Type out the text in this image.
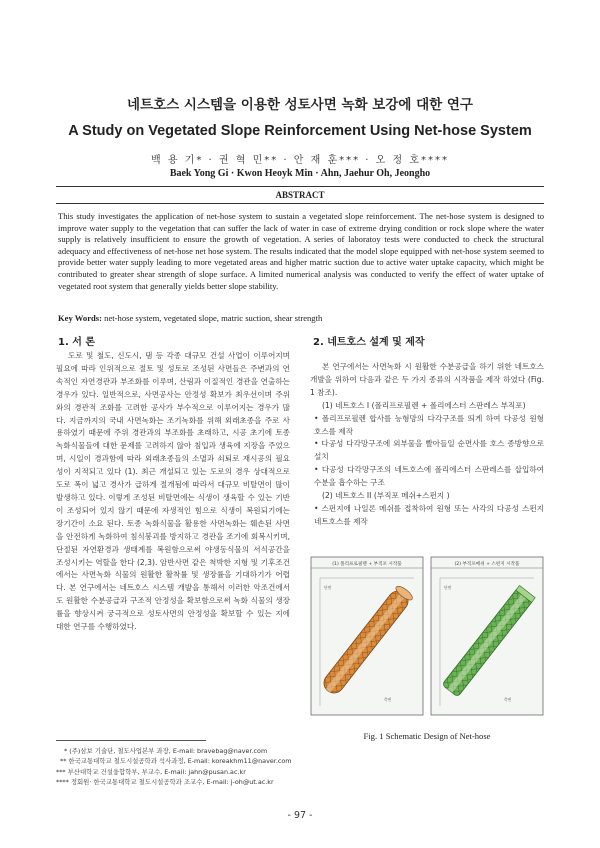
네트호스 시스템을 이용한 성토사면 녹화 보강에 대한 연구
A Study on Vegetated Slope Reinforcement Using Net-hose System
백 용 기* · 권 혁 민** · 안 재 훈*** · 오 정 호****
Baek Yong Gi · Kwon Heoyk Min · Ahn, Jaehur Oh, Jeongho
ABSTRACT
This study investigates the application of net-hose system to sustain a vegetated slope reinforcement. The net-hose system is designed to improve water supply to the vegetation that can suffer the lack of water in case of extreme drying condition or rock slope where the water supply is relatively insufficient to ensure the growth of vegetation. A series of laboratoy tests were conducted to check the structural adequacy and effectiveness of net-hose net hose system. The results indicated that the model slope equipped with net-hose system seemed to provide better water supply leading to more vegetated areas and higher matric suction due to active water uptake capacity, which might be contributed to greater shear strength of slope surface. A limited numerical analysis was conducted to verify the effect of water uptake of vegetated root system that generally yields better slope stability.
Key Words: net-hose system, vegetated slope, matric suction, shear strength
1. 서 론

도로 및 철도, 신도시, 댐 등 각종 대규모 건설 사업이 이루어지며 필요에 따라 인위적으로 절토 및 성토로 조성된 사면들은 주변과의 연속적인 자연경관과 부조화를 이루며, 산림과 이질적인 경관을 연출하는 경우가 있다. 일반적으로, 사면공사는 안정성 확보가 최우선이며 주위와의 경관적 조화를 고려한 공사가 부수적으로 이루어지는 경우가 많다. 지금까지의 국내 사면녹화는 조기녹화를 위해 외래초종을 주로 사용하였기 때문에 주위 경관과의 부조화를 초래하고, 시공 초기에 토종녹화식물들에 대한 문제를 고려하지 않아 침입과 생육에 지장을 주었으며, 시일이 경과함에 따라 외래초종들의 소멸과 쇠퇴로 재시공의 필요성이 지적되고 있다 (1). 최근 개설되고 있는 도로의 경우 상대적으로 도로 폭이 넓고 경사가 급하게 절개됨에 따라서 대규모 비탈면이 많이 발생하고 있다. 이렇게 조성된 비탈면에는 식생이 생육할 수 있는 기반이 조성되어 있지 않기 때문에 자생적인 힘으로 식생이 복원되기에는 장기간이 소요 된다. 토종 녹화식물을 활용한 사면녹화는 훼손된 사면을 안전하게 녹화하여 침식붕괴를 방지하고 경관을 조기에 회복시키며, 단절된 자연환경과 생태계를 복원함으로써 야생동식물의 서식공간을 조성시키는 역할을 한다 (2,3). 암반사면 같은 척박한 지형 및 기후조건에서는 사면녹화 식물의 원활한 활착률 및 생장률을 기대하기가 어렵다. 본 연구에서는 네트호스 시스템 개발을 통해서 이러한 악조건에서도 원활한 수분공급과 구조적 안정성을 확보함으로써 녹화 식물의 생장률을 향상시켜 궁극적으로 성토사면의 안정성을 확보할 수 있는 지에 대한 연구를 수행하였다.

2. 네트호스 설계 및 제작

본 연구에서는 사면녹화 시 원활한 수분공급을 하기 위한 네트호스 개발을 위하여 다음과 같은 두 가지 종류의 시작품을 제작 하였다 (Fig. 1 참조).

(1) 네트호스 I (폴리프로필렌 + 폴리에스터 스판레스 부직포)

• 폴리프로필렌 합사를 능형망의 다각구조를 띄게 하여 다공성 원형 호스를 제작

• 다공성 다각망구조에 외부물을 빨아들일 순면사를 호스 종방향으로 설치

• 다공성 다각망구조의 네트호스에 폴리에스터 스판레스를 삽입하여 수분을 흡수하는 구조

(2) 네트호스 II (부직포 메쉬+스펀지 )

• 스펀지에 나일론 메쉬를 접착하여 원형 또는 사각의 다공성 스펀지 네트호스를 제작

(1) 폴리프로필렌 + 부직포 시작품
단면
측면
(2) 부직포메쉬 + 스펀지 시작품
단면
측면
Fig. 1 Schematic Design of Net-hose
* (주)삼보 기술단, 철도사업본부 과장, E-mail: bravebag@naver.com
** 한국교통대학교 철도시설공학과 석사과정, E-mail: koreakhm11@naver.com
*** 부산대학교 건설융합학부, 부교수, E-mail: jahn@pusan.ac.kr
**** 정회원· 한국교통대학교 철도시설공학과 조교수, E-mail: j-oh@ut.ac.kr
- 97 -
